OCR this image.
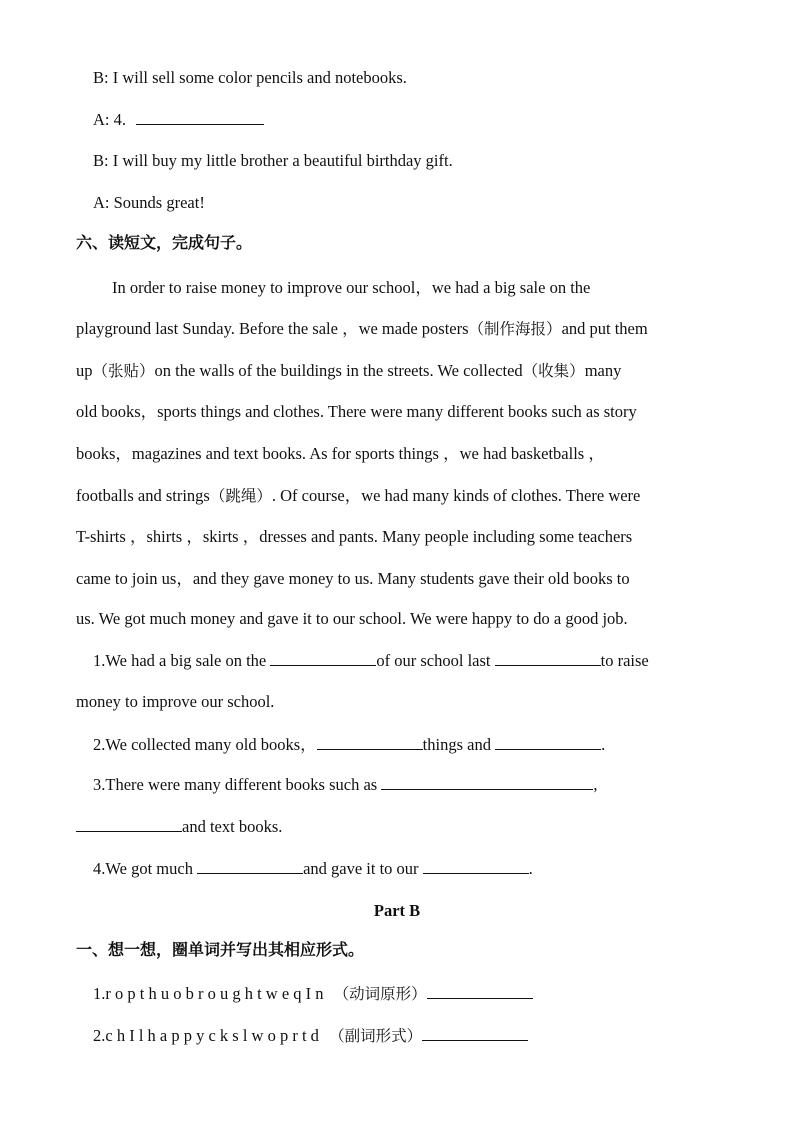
B: I will sell some color pencils and notebooks.
A: 4.
B: I will buy my little brother a beautiful birthday gift.
A: Sounds great!
六、读短文，完成句子。
In order to raise money to improve our school，we had a big sale on the
playground last Sunday. Before the sale ，we made posters（制作海报）and put them
up（张贴）on the walls of the buildings in the streets. We collected（收集）many
old books，sports things and clothes. There were many different books such as story
books，magazines and text books. As for sports things ，we had basketballs ，
footballs and strings（跳绳）. Of course，we had many kinds of clothes. There were
T-shirts ，shirts ，skirts ，dresses and pants. Many people including some teachers
came to join us，and they gave money to us. Many students gave their old books to
us. We got much money and gave it to our school. We were happy to do a good job.
1.We had a big sale on the	of our school last	to raise
money to improve our school.
2.We collected many old books，	things and	.
3.There were many different books such as	,
and text books.
4.We got much	and gave it to our	.
Part B
一、想一想，圈单词并写出其相应形式。
1.r o p t h u o b r o u g h t w e q I n （动词原形）
2.c h I l h a p p y c k s l w o p r t d （副词形式）
